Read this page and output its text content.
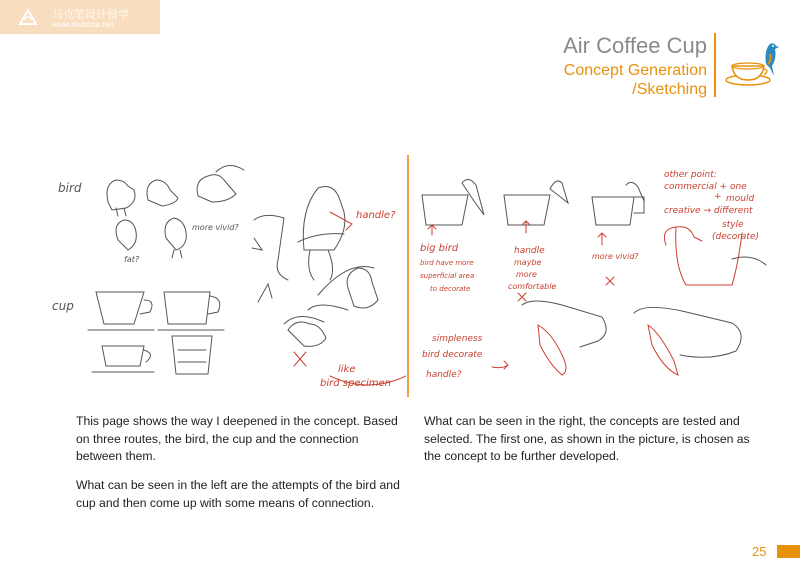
马克笔设计留学
www.mobooa.net
Air Coffee Cup
Concept Generation
/Sketching
bird
cup
more vivid?
fat?
handle?
like
bird specimen
other point:
commercial + one
+ mould
creative → different
style
(decorate)
big bird
bird have more
superficial area
to decorate
handle
maybe
more
comfortable
more vivid?
simpleness
bird decorate
handle?
This page shows the way I deepened in the concept. Based on three routes, the bird, the cup and the connection between them.
What can be seen in the left are the attempts of the bird and cup and then come up with some means of connection.
What can be seen in the right, the concepts are tested and selected. The first one, as shown in the picture, is chosen as the concept to be further developed.
25
